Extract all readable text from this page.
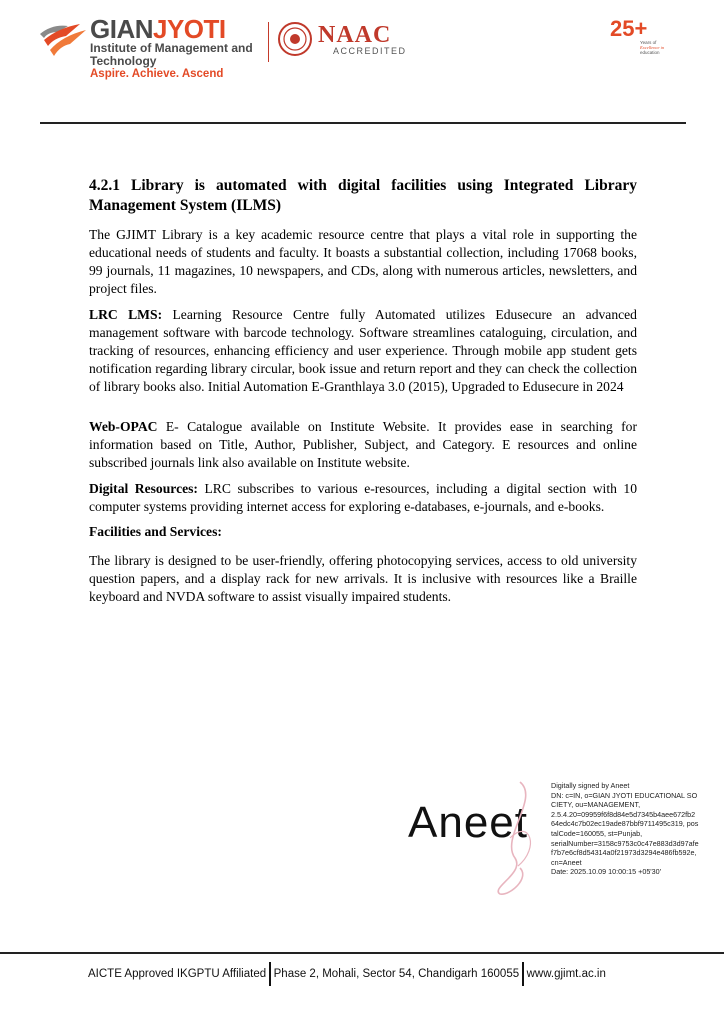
GIANJYOTI
Institute of Management and Technology
Aspire. Achieve. Ascend
NAAC
ACCREDITED
25+
Years of
Excellence in
education
4.2.1 Library is automated with digital facilities using Integrated Library Management System (ILMS)

The GJIMT Library is a key academic resource centre that plays a vital role in supporting the educational needs of students and faculty. It boasts a substantial collection, including 17068 books, 99 journals, 11 magazines, 10 newspapers, and CDs, along with numerous articles, newsletters, and project files.

LRC LMS: Learning Resource Centre fully Automated utilizes Edusecure an advanced management software with barcode technology. Software streamlines cataloguing, circulation, and tracking of resources, enhancing efficiency and user experience. Through mobile app student gets notification regarding library circular, book issue and return report and they can check the collection of library books also. Initial Automation E-Granthlaya 3.0 (2015), Upgraded to Edusecure in 2024

Web-OPAC E- Catalogue available on Institute Website. It provides ease in searching for information based on Title, Author, Publisher, Subject, and Category. E resources and online subscribed journals link also available on Institute website.

Digital Resources: LRC subscribes to various e-resources, including a digital section with 10 computer systems providing internet access for exploring e-databases, e-journals, and e-books.

Facilities and Services:

The library is designed to be user-friendly, offering photocopying services, access to old university question papers, and a display rack for new arrivals. It is inclusive with resources like a Braille keyboard and NVDA software to assist visually impaired students.

Aneet
Digitally signed by Aneet
DN: c=IN, o=GIAN JYOTI EDUCATIONAL SOCIETY, ou=MANAGEMENT,
2.5.4.20=09959f6f8d84e5d7345b4aee672fb264edc4c7b02ec19ade87bbf9711495c319, postalCode=160055, st=Punjab,
serialNumber=3158c9753c0c47e883d3d97afef7b7e6cf8d54314a0f21973d3294e486fb592e, cn=Aneet
Date: 2025.10.09 10:00:15 +05'30'
AICTE Approved IKGPTU Affiliated Phase 2, Mohali, Sector 54, Chandigarh 160055 www.gjimt.ac.in
